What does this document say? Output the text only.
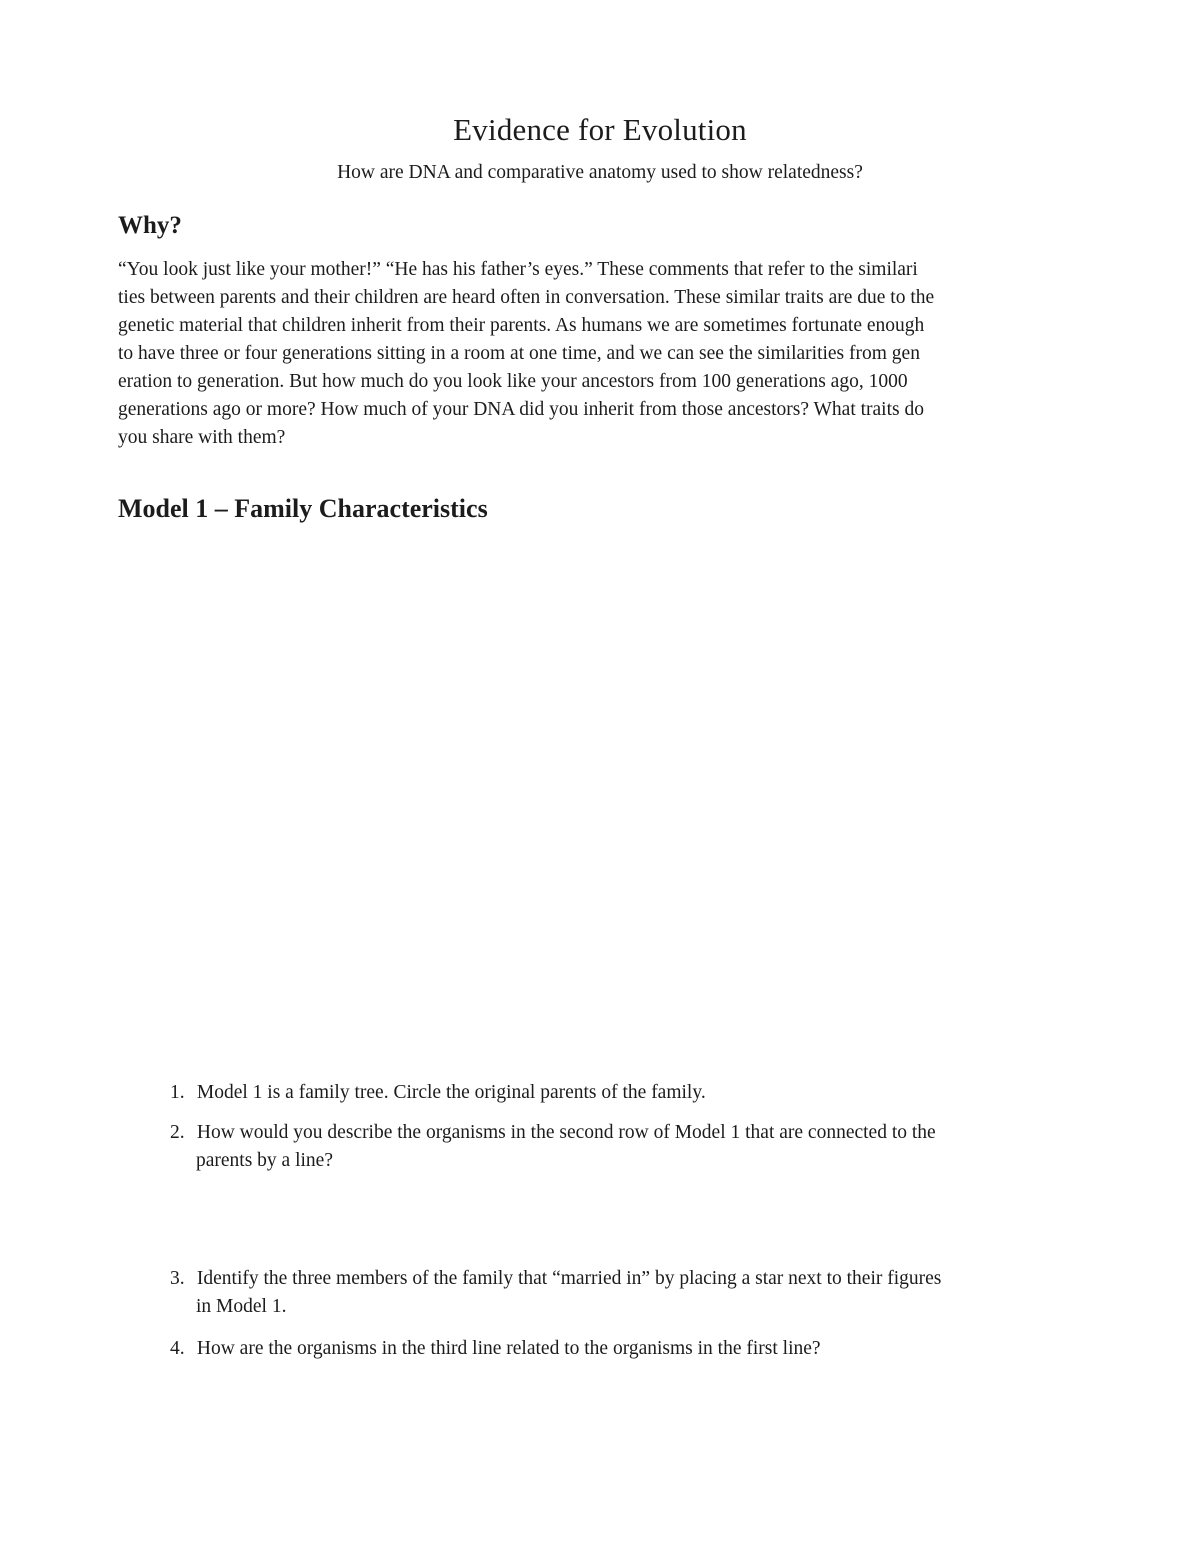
Evidence for Evolution

How are DNA and comparative anatomy used to show relatedness?

Why?

“You look just like your mother!” “He has his father’s eyes.” These comments that refer to the similari
ties between parents and their children are heard often in conversation. These similar traits are due to the
genetic material that children inherit from their parents. As humans we are sometimes fortunate enough
to have three or four generations sitting in a room at one time, and we can see the similarities from gen
eration to generation. But how much do you look like your ancestors from 100 generations ago, 1000
generations ago or more? How much of your DNA did you inherit from those ancestors? What traits do
you share with them?

Model 1 – Family Characteristics

1. Model 1 is a family tree. Circle the original parents of the family.

2. How would you describe the organisms in the second row of Model 1 that are connected to the
parents by a line?

3. Identify the three members of the family that “married in” by placing a star next to their figures
in Model 1.

4. How are the organisms in the third line related to the organisms in the first line?
